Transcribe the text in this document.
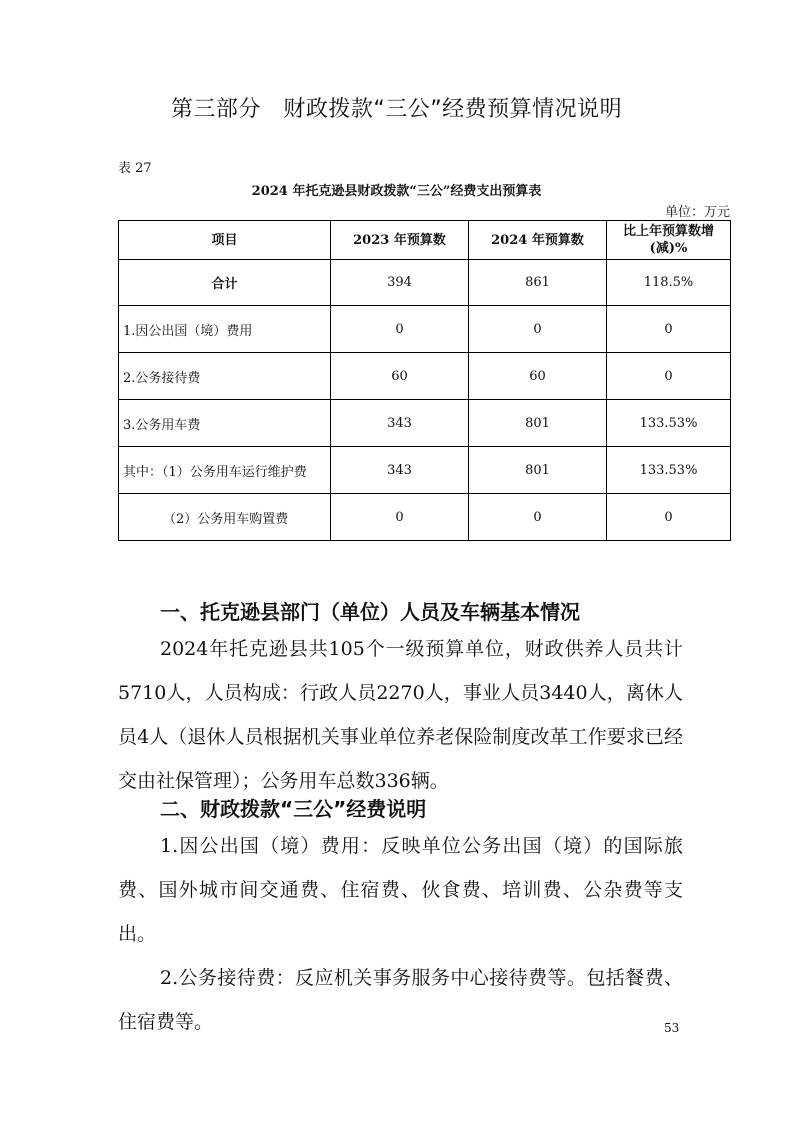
第三部分　财政拨款“三公”经费预算情况说明
表 27
2024 年托克逊县财政拨款“三公”经费支出预算表
单位：万元
项目	2023 年预算数	2024 年预算数	比上年预算数增(减)%
合计	394	861	118.5%
1.因公出国（境）费用	0	0	0
2.公务接待费	60	60	0
3.公务用车费	343	801	133.53%
其中：（1）公务用车运行维护费	343	801	133.53%
（2）公务用车购置费	0	0	0
一、托克逊县部门（单位）人员及车辆基本情况

2024年托克逊县共105个一级预算单位，财政供养人员共计5710人，人员构成：行政人员2270人，事业人员3440人，离休人员4人（退休人员根据机关事业单位养老保险制度改革工作要求已经交由社保管理）；公务用车总数336辆。

二、财政拨款“三公”经费说明

1.因公出国（境）费用：反映单位公务出国（境）的国际旅费、国外城市间交通费、住宿费、伙食费、培训费、公杂费等支出。

2.公务接待费：反应机关事务服务中心接待费等。包括餐费、住宿费等。	53
